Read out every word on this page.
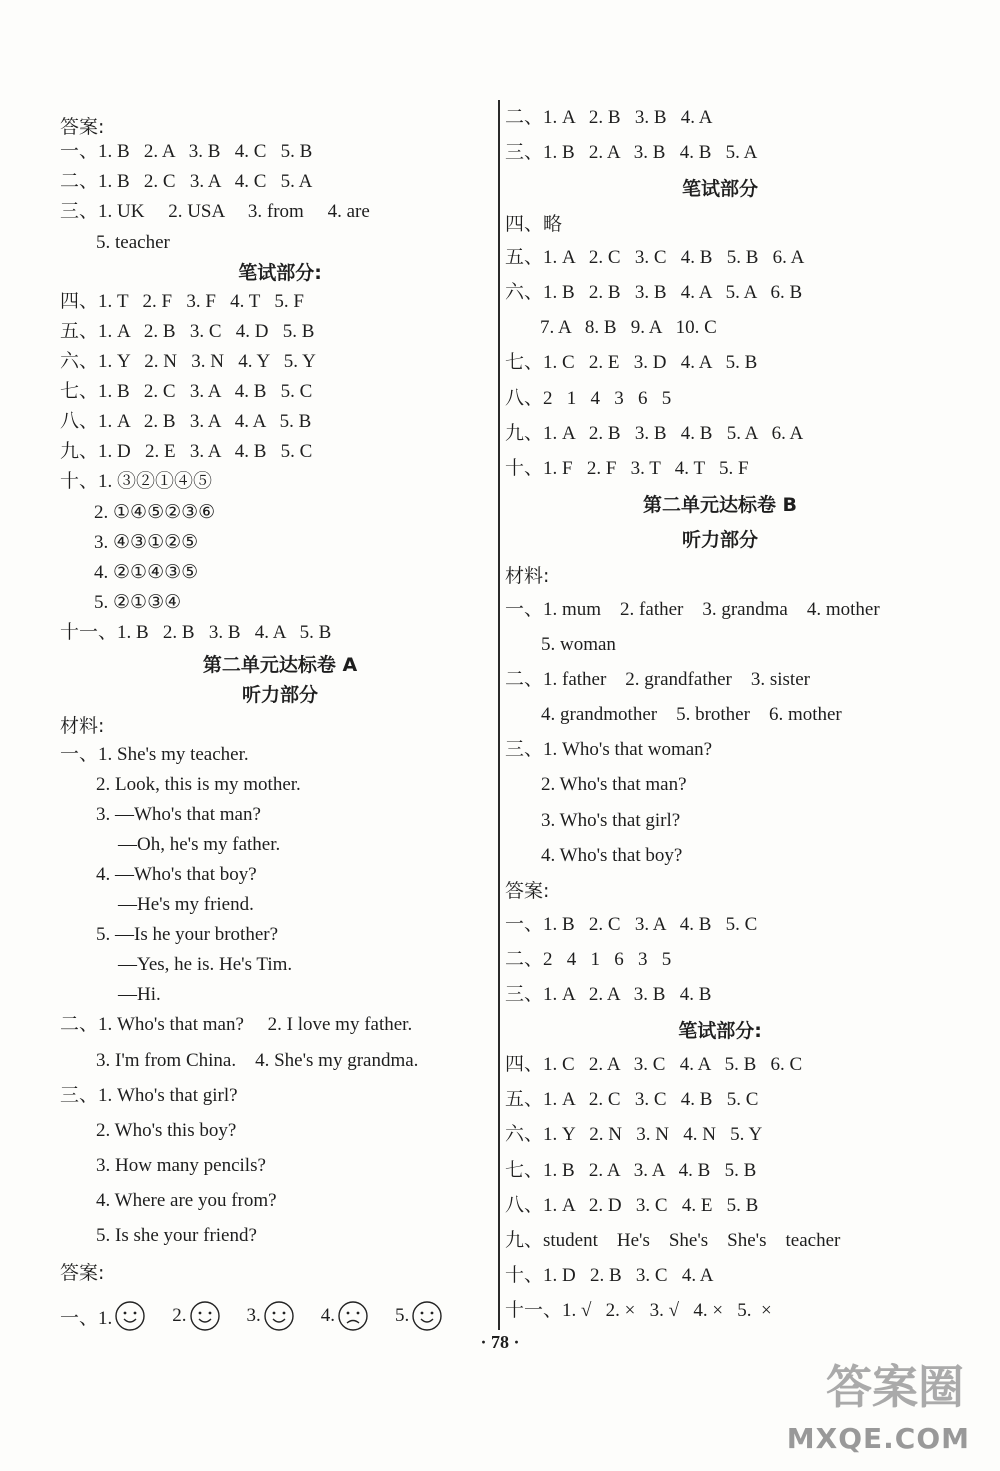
答案:
一、1. B   2. A   3. B   4. C   5. B
二、1. B   2. C   3. A   4. C   5. A
三、1. UK     2. USA     3. from     4. are
5. teacher
笔试部分:
四、1. T   2. F   3. F   4. T   5. F
五、1. A   2. B   3. C   4. D   5. B
六、1. Y   2. N   3. N   4. Y   5. Y
七、1. B   2. C   3. A   4. B   5. C
八、1. A   2. B   3. A   4. A   5. B
九、1. D   2. E   3. A   4. B   5. C
十、1. ③②①④⑤
2. ①④⑤②③⑥
3. ④③①②⑤
4. ②①④③⑤
5. ②①③④
十一、1. B   2. B   3. B   4. A   5. B
第二单元达标卷 A
听力部分
材料:
一、1. She's my teacher.
2. Look, this is my mother.
3. —Who's that man?
—Oh, he's my father.
4. —Who's that boy?
—He's my friend.
5. —Is he your brother?
—Yes, he is. He's Tim.
—Hi.
二、1. Who's that man?     2. I love my father.
3. I'm from China.    4. She's my grandma.
三、1. Who's that girl?
2. Who's this boy?
3. How many pencils?
4. Where are you from?
5. Is she your friend?
答案:
二、1. A   2. B   3. B   4. A
三、1. B   2. A   3. B   4. B   5. A
笔试部分
四、略
五、1. A   2. C   3. C   4. B   5. B   6. A
六、1. B   2. B   3. B   4. A   5. A   6. B
7. A   8. B   9. A   10. C
七、1. C   2. E   3. D   4. A   5. B
八、2   1   4   3   6   5
九、1. A   2. B   3. B   4. B   5. A   6. A
十、1. F   2. F   3. T   4. T   5. F
第二单元达标卷 B
听力部分
材料:
一、1. mum    2. father    3. grandma    4. mother
5. woman
二、1. father    2. grandfather    3. sister
4. grandmother    5. brother    6. mother
三、1. Who's that woman?
2. Who's that man?
3. Who's that girl?
4. Who's that boy?
答案:
一、1. B   2. C   3. A   4. B   5. C
二、2   4   1   6   3   5
三、1. A   2. A   3. B   4. B
笔试部分:
四、1. C   2. A   3. C   4. A   5. B   6. C
五、1. A   2. C   3. C   4. B   5. C
六、1. Y   2. N   3. N   4. N   5. Y
七、1. B   2. A   3. A   4. B   5. B
八、1. A   2. D   3. C   4. E   5. B
九、student    He's    She's    She's    teacher
十、1. D   2. B   3. C   4. A
十一、1. √   2. ×   3. √   4. ×   5.  ×
一、1.	2.	3.	4.	5.
· 78 ·
答案圈
MXQE.COM
